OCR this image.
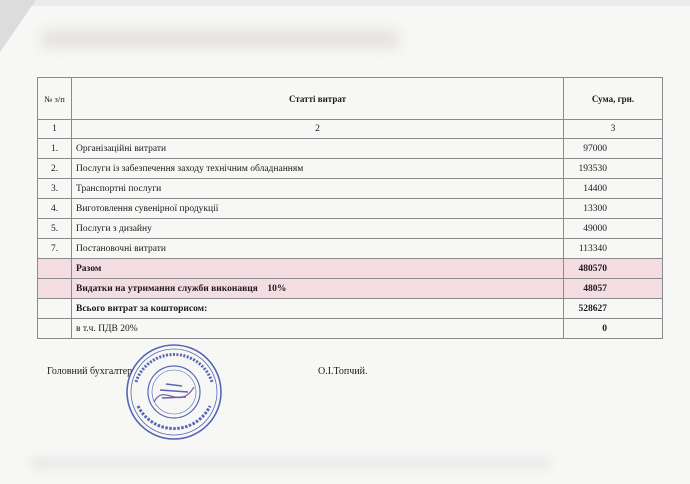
№ з/п	Статті витрат	Сума, грн.
1	2	3
1.	Організаційні витрати	97000
2.	Послуги із забезпечення заходу технічним обладнанням	193530
3.	Транспортні послуги	14400
4.	Виготовлення сувенірної продукції	13300
5.	Послуги з дизайну	49000
7.	Постановочні витрати	113340
	Разом	480570
	Видатки на утримання служби виконавця    10%	48057
	Всього витрат за кошторисом:	528627
	в т.ч. ПДВ 20%	0
Головний бухгалтер	О.І.Топчий.
